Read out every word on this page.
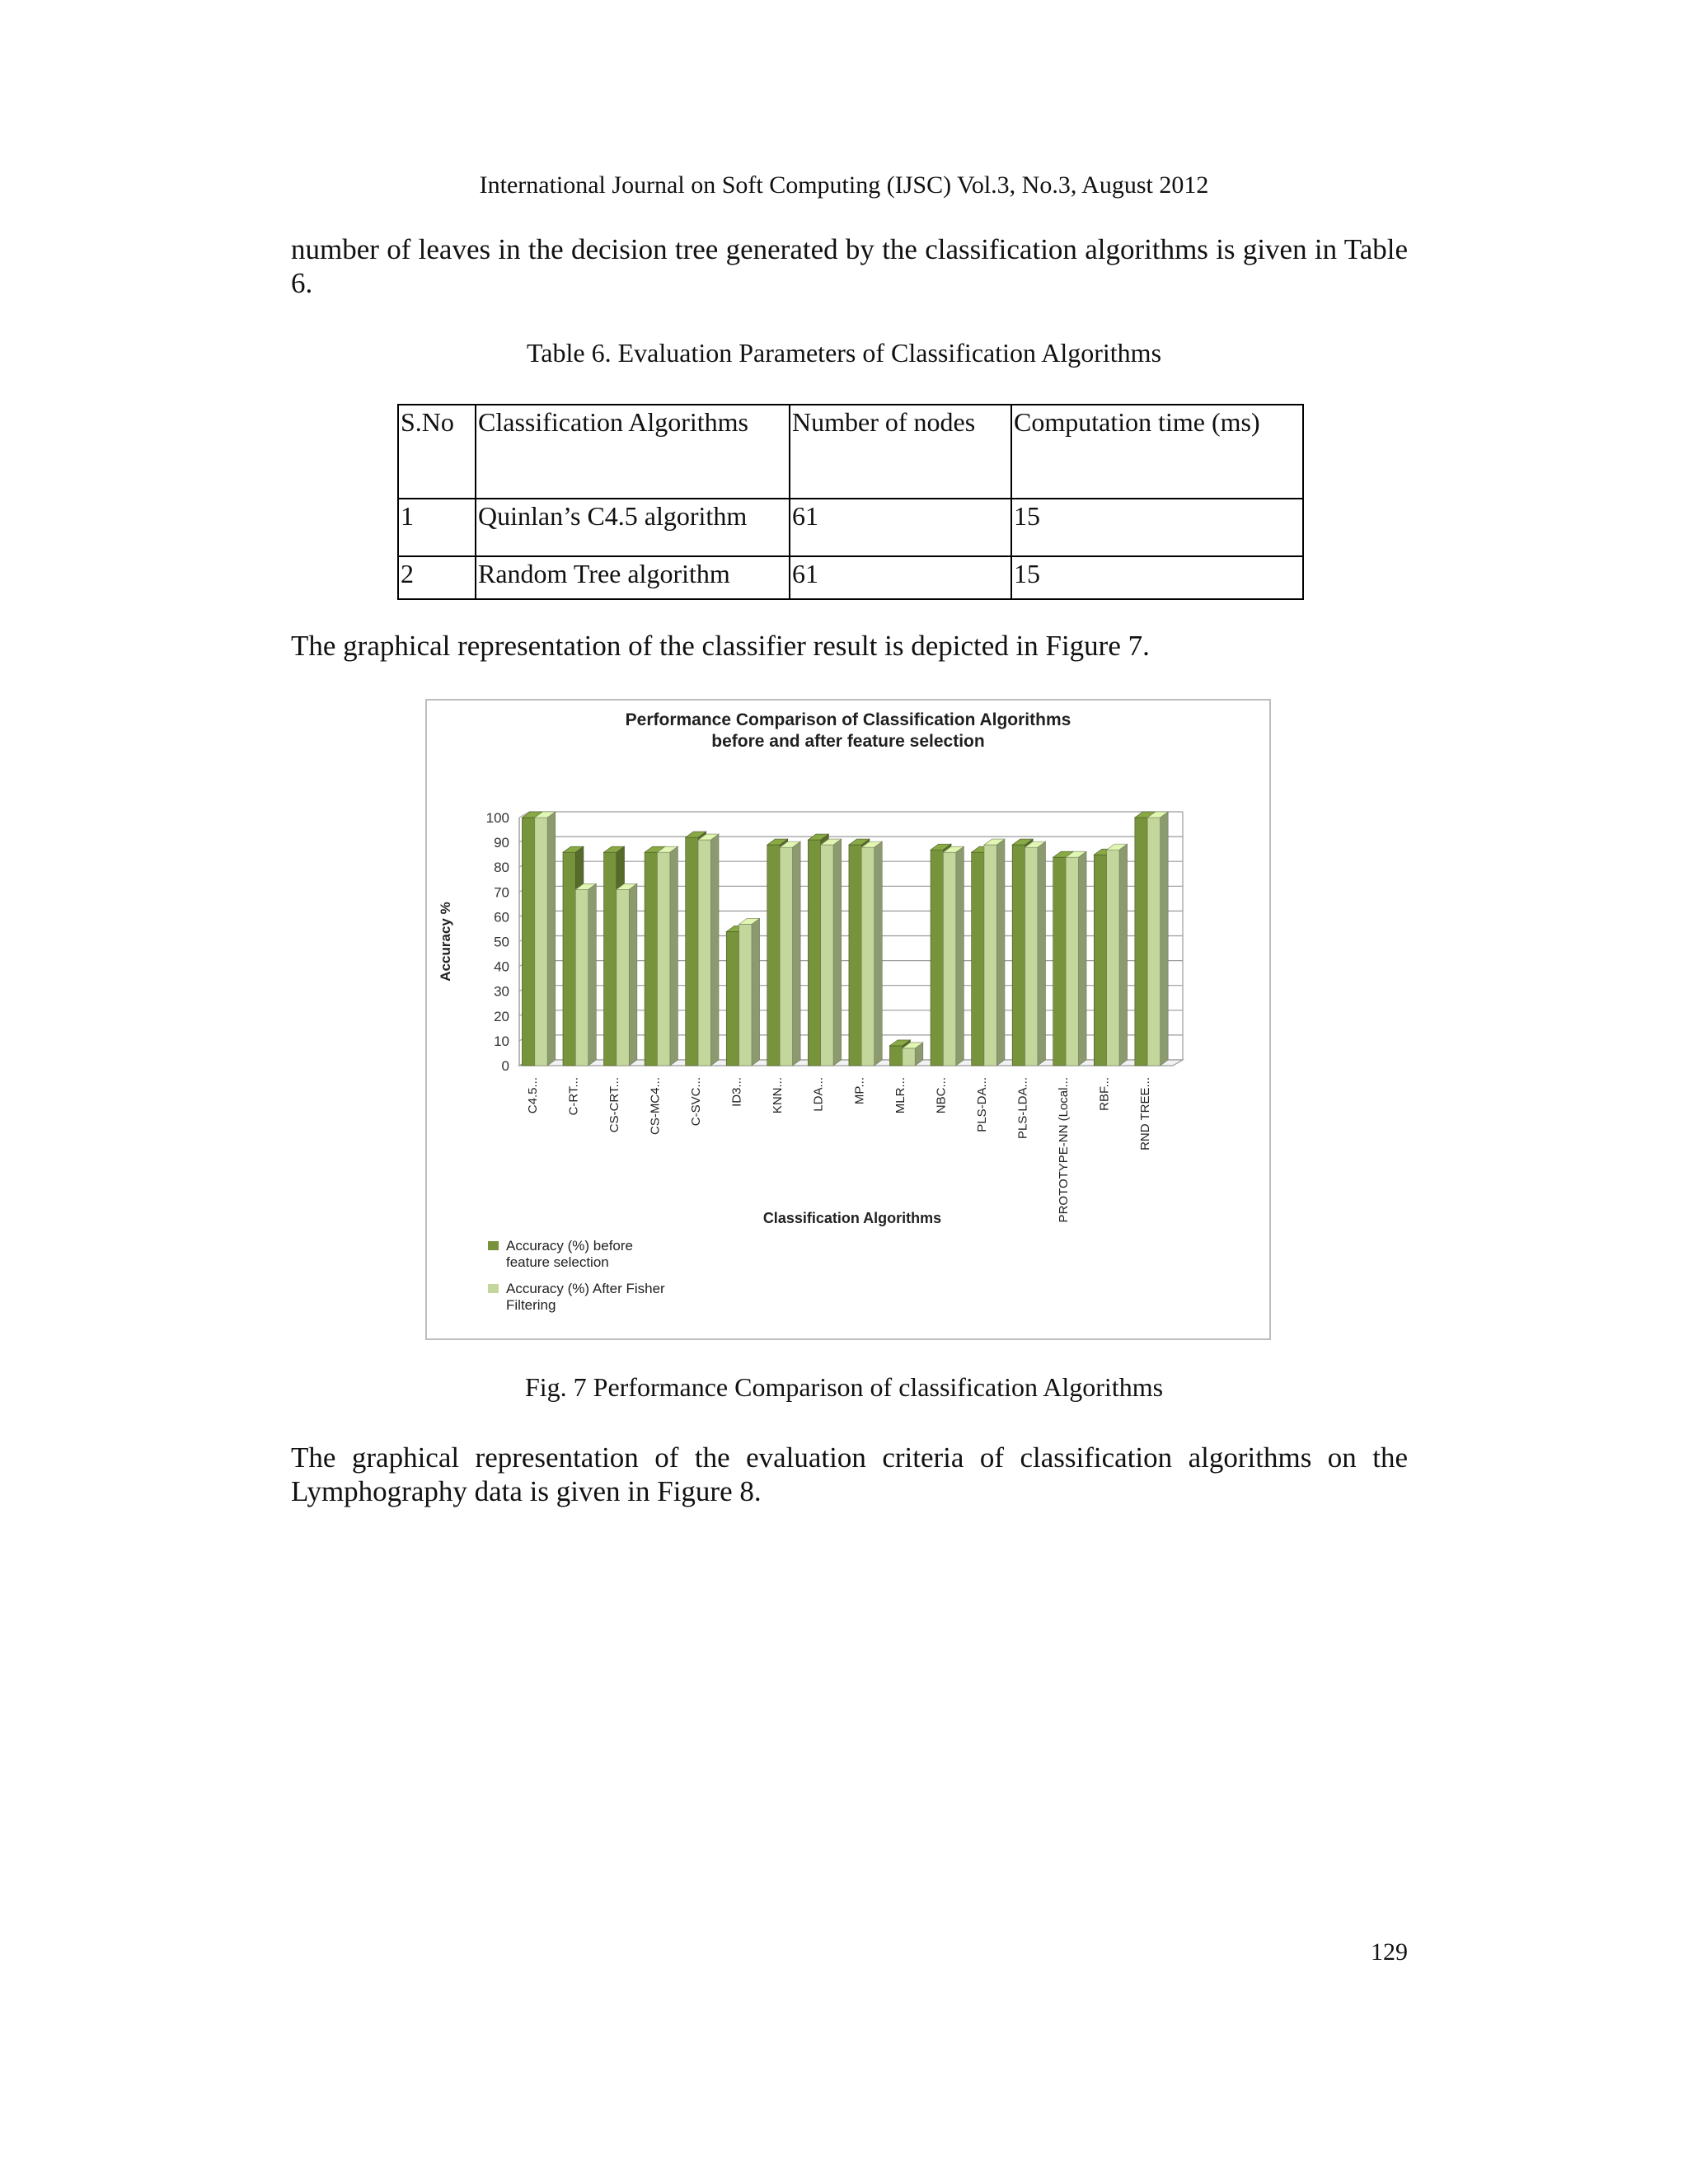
International Journal on Soft Computing (IJSC) Vol.3, No.3, August 2012
number of leaves in the decision tree generated by the classification algorithms is given in Table 6.
Table 6. Evaluation Parameters of Classification Algorithms
S.No	Classification Algorithms	Number of nodes	Computation time (ms)
1	Quinlan’s C4.5 algorithm	61	15
2	Random Tree algorithm	61	15
The graphical representation of the classifier result is depicted in Figure 7.
Performance Comparison of Classification Algorithms
before and after feature selection
0
10
20
30
40
50
60
70
80
90
100
Accuracy %
C4.5... C-RT... CS-CRT... CS-MC4... C-SVC... ID3... KNN... LDA... MP... MLR... NBC... PLS-DA... PLS-LDA... PROTOTYPE-NN (Local... RBF... RND TREE...
Classification Algorithms
Accuracy (%) before
feature selection
Accuracy (%) After Fisher
Filtering
Fig. 7 Performance Comparison of classification Algorithms
The graphical representation of the evaluation criteria of classification algorithms on the Lymphography data is given in Figure 8.
129
